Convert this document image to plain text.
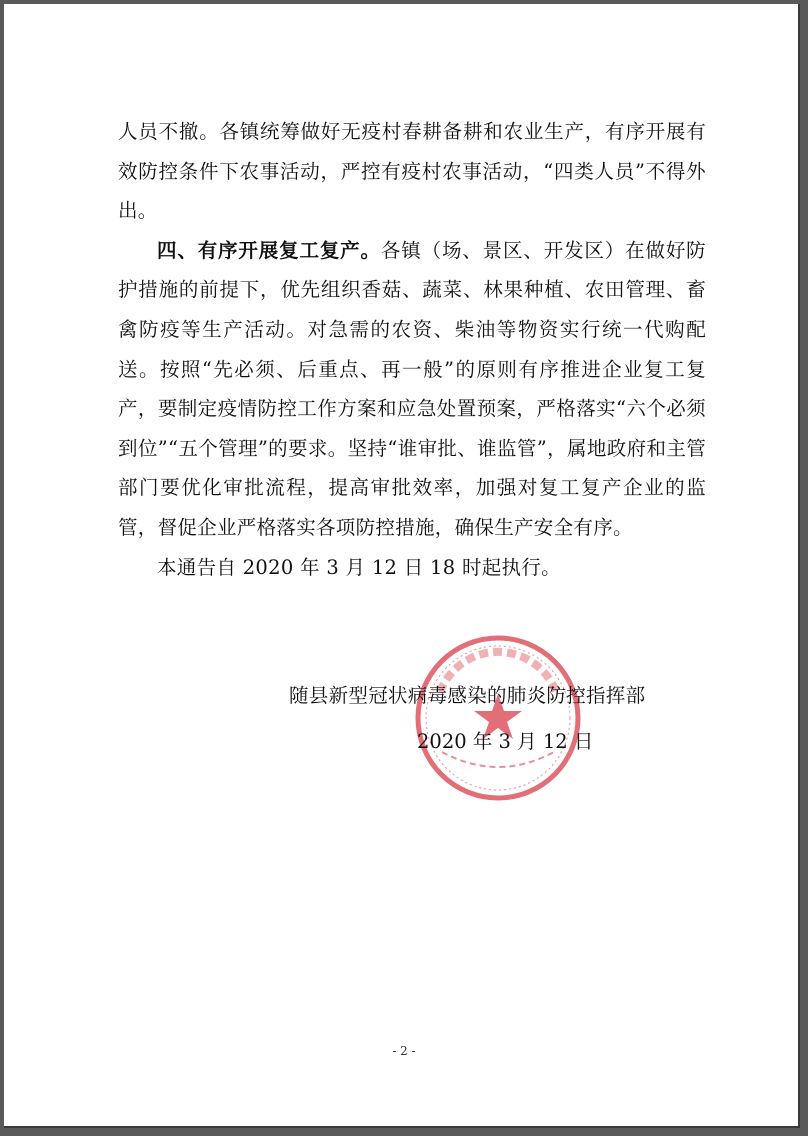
人员不撤。各镇统筹做好无疫村春耕备耕和农业生产，有序开展有效防控条件下农事活动，严控有疫村农事活动，“四类人员”不得外出。

四、有序开展复工复产。各镇（场、景区、开发区）在做好防护措施的前提下，优先组织香菇、蔬菜、林果种植、农田管理、畜禽防疫等生产活动。对急需的农资、柴油等物资实行统一代购配送。按照“先必须、后重点、再一般”的原则有序推进企业复工复产，要制定疫情防控工作方案和应急处置预案，严格落实“六个必须到位”“五个管理”的要求。坚持“谁审批、谁监管”，属地政府和主管部门要优化审批流程，提高审批效率，加强对复工复产企业的监管，督促企业严格落实各项防控措施，确保生产安全有序。

本通告自 2020 年 3 月 12 日 18 时起执行。

随县新型冠状病毒感染的肺炎防控指挥部
2020 年 3 月 12 日
- 2 -
